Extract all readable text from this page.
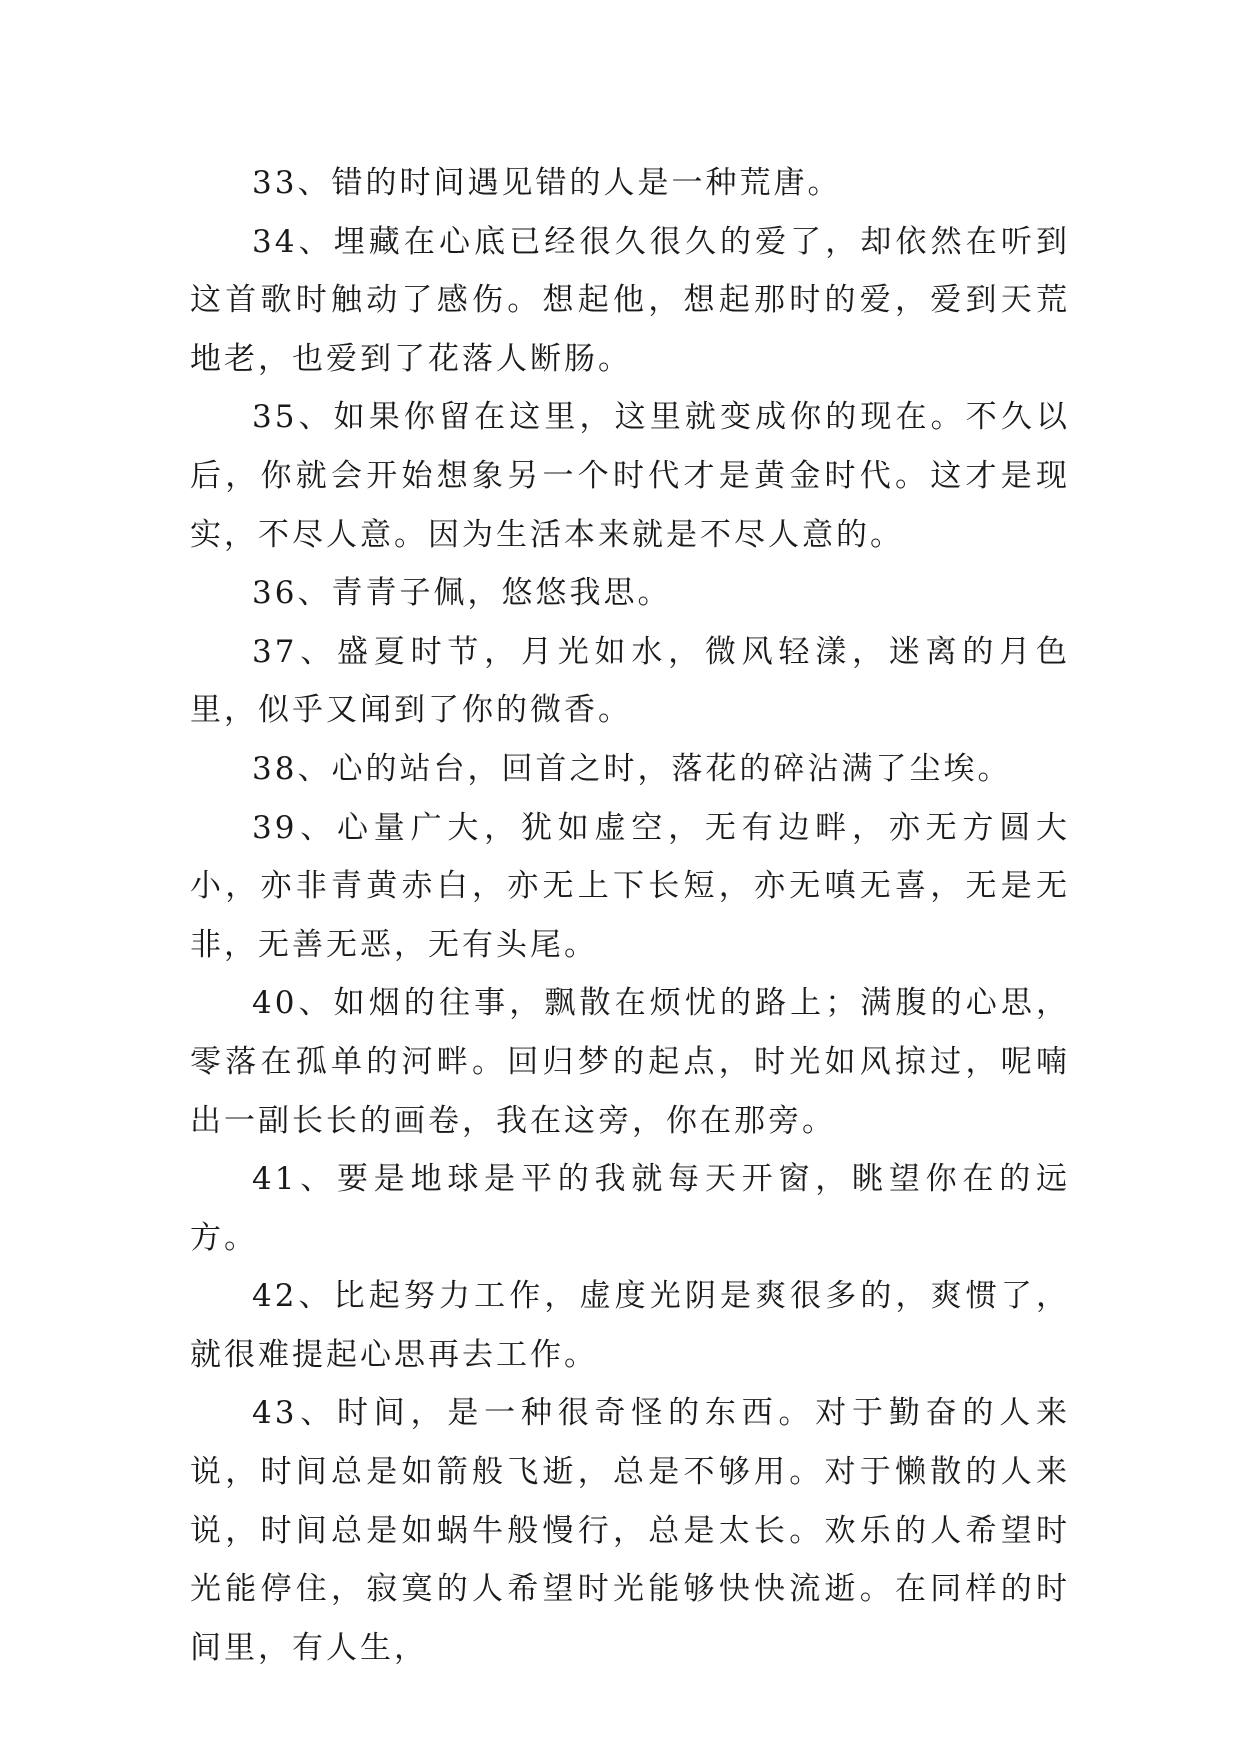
33、错的时间遇见错的人是一种荒唐。

34、埋藏在心底已经很久很久的爱了，却依然在听到这首歌时触动了感伤。想起他，想起那时的爱，爱到天荒地老，也爱到了花落人断肠。

35、如果你留在这里，这里就变成你的现在。不久以后，你就会开始想象另一个时代才是黄金时代。这才是现实，不尽人意。因为生活本来就是不尽人意的。

36、青青子佩，悠悠我思。

37、盛夏时节，月光如水，微风轻漾，迷离的月色里，似乎又闻到了你的微香。

38、心的站台，回首之时，落花的碎沾满了尘埃。

39、心量广大，犹如虚空，无有边畔，亦无方圆大小，亦非青黄赤白，亦无上下长短，亦无嗔无喜，无是无非，无善无恶，无有头尾。

40、如烟的往事，飘散在烦忧的路上；满腹的心思，零落在孤单的河畔。回归梦的起点，时光如风掠过，呢喃出一副长长的画卷，我在这旁，你在那旁。

41、要是地球是平的我就每天开窗，眺望你在的远方。

42、比起努力工作，虚度光阴是爽很多的，爽惯了，就很难提起心思再去工作。

43、时间，是一种很奇怪的东西。对于勤奋的人来说，时间总是如箭般飞逝，总是不够用。对于懒散的人来说，时间总是如蜗牛般慢行，总是太长。欢乐的人希望时光能停住，寂寞的人希望时光能够快快流逝。在同样的时间里，有人生，
